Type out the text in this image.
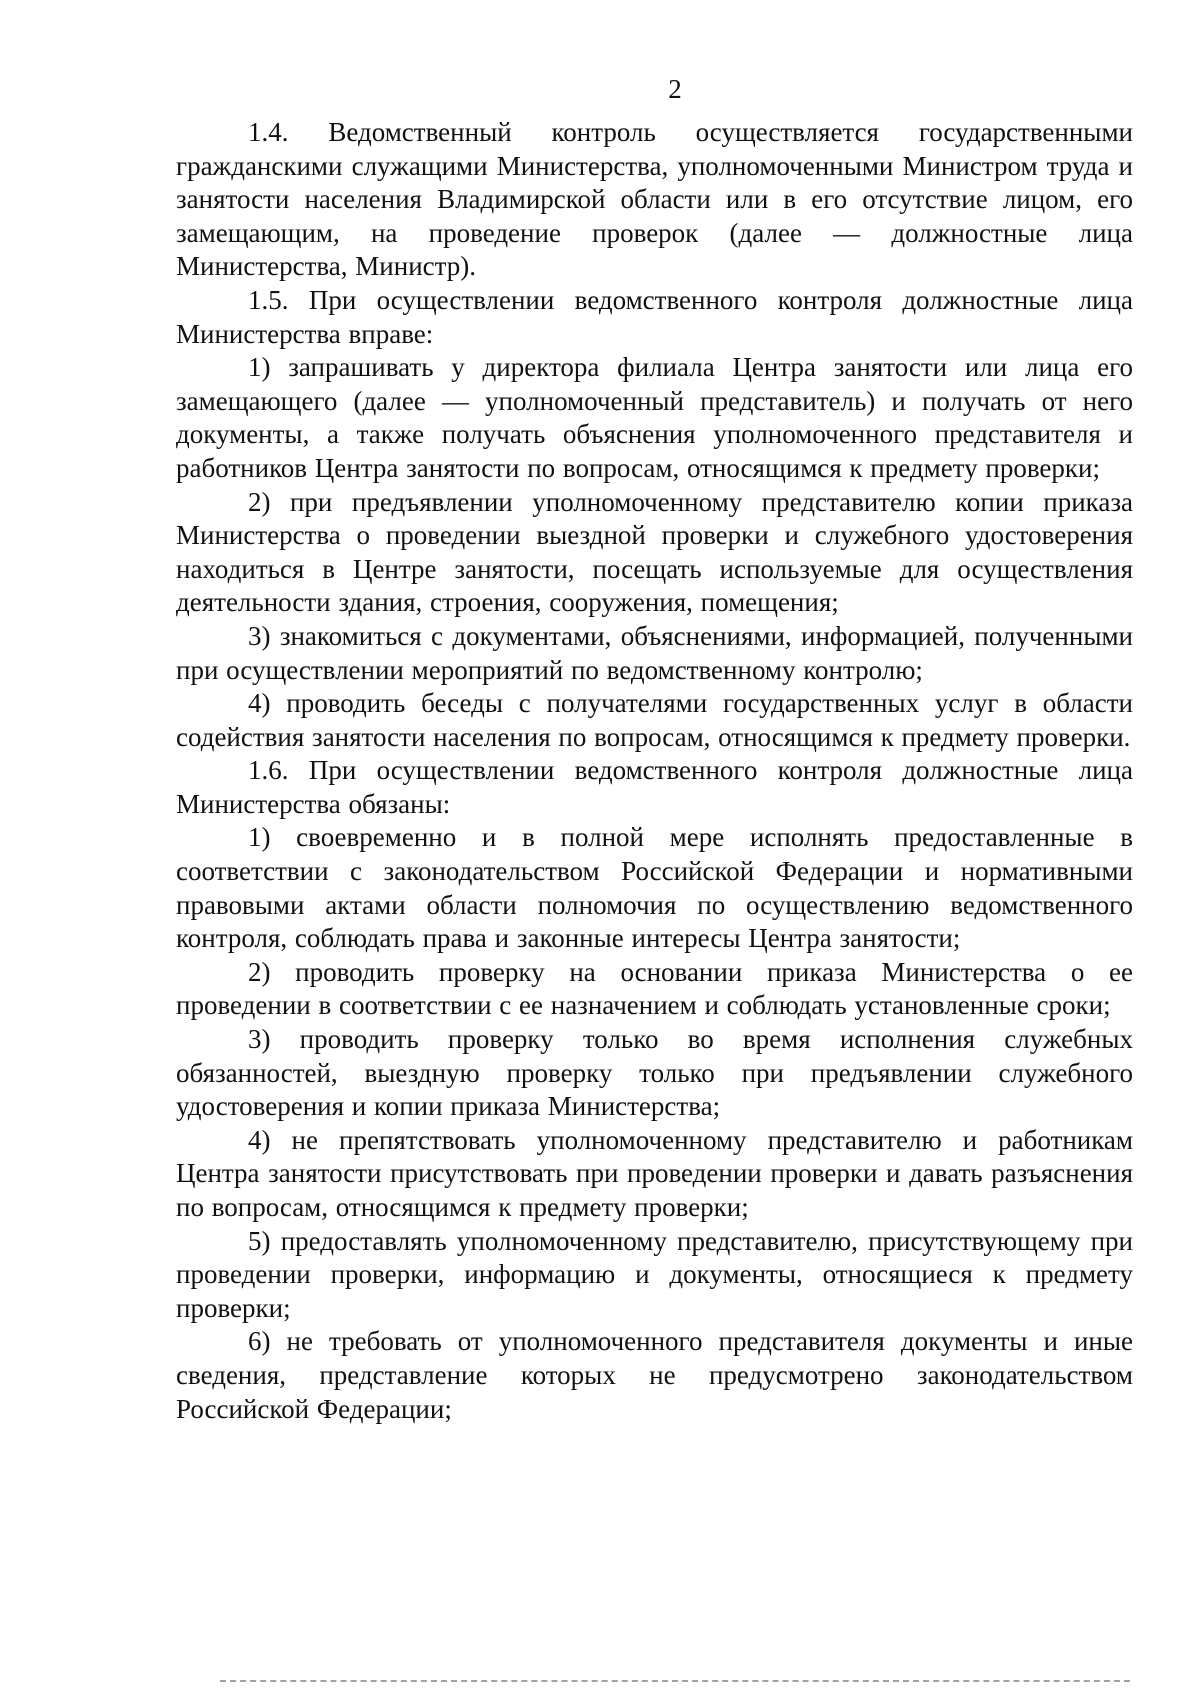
2

1.4. Ведомственный контроль осуществляется государственными гражданскими служащими Министерства, уполномоченными Министром труда и занятости населения Владимирской области или в его отсутствие лицом, его замещающим, на проведение проверок (далее — должностные лица Министерства, Министр).

1.5. При осуществлении ведомственного контроля должностные лица Министерства вправе:

1) запрашивать у директора филиала Центра занятости или лица его замещающего (далее — уполномоченный представитель) и получать от него документы, а также получать объяснения уполномоченного представителя и работников Центра занятости по вопросам, относящимся к предмету проверки;

2) при предъявлении уполномоченному представителю копии приказа Министерства о проведении выездной проверки и служебного удостоверения находиться в Центре занятости, посещать используемые для осуществления деятельности здания, строения, сооружения, помещения;

3) знакомиться с документами, объяснениями, информацией, полученными при осуществлении мероприятий по ведомственному контролю;

4) проводить беседы с получателями государственных услуг в области содействия занятости населения по вопросам, относящимся к предмету проверки.

1.6. При осуществлении ведомственного контроля должностные лица Министерства обязаны:

1) своевременно и в полной мере исполнять предоставленные в соответствии с законодательством Российской Федерации и нормативными правовыми актами области полномочия по осуществлению ведомственного контроля, соблюдать права и законные интересы Центра занятости;

2) проводить проверку на основании приказа Министерства о ее проведении в соответствии с ее назначением и соблюдать установленные сроки;

3) проводить проверку только во время исполнения служебных обязанностей, выездную проверку только при предъявлении служебного удостоверения и копии приказа Министерства;

4) не препятствовать уполномоченному представителю и работникам Центра занятости присутствовать при проведении проверки и давать разъяснения по вопросам, относящимся к предмету проверки;

5) предоставлять уполномоченному представителю, присутствующему при проведении проверки, информацию и документы, относящиеся к предмету проверки;

6) не требовать от уполномоченного представителя документы и иные сведения, представление которых не предусмотрено законодательством Российской Федерации;
